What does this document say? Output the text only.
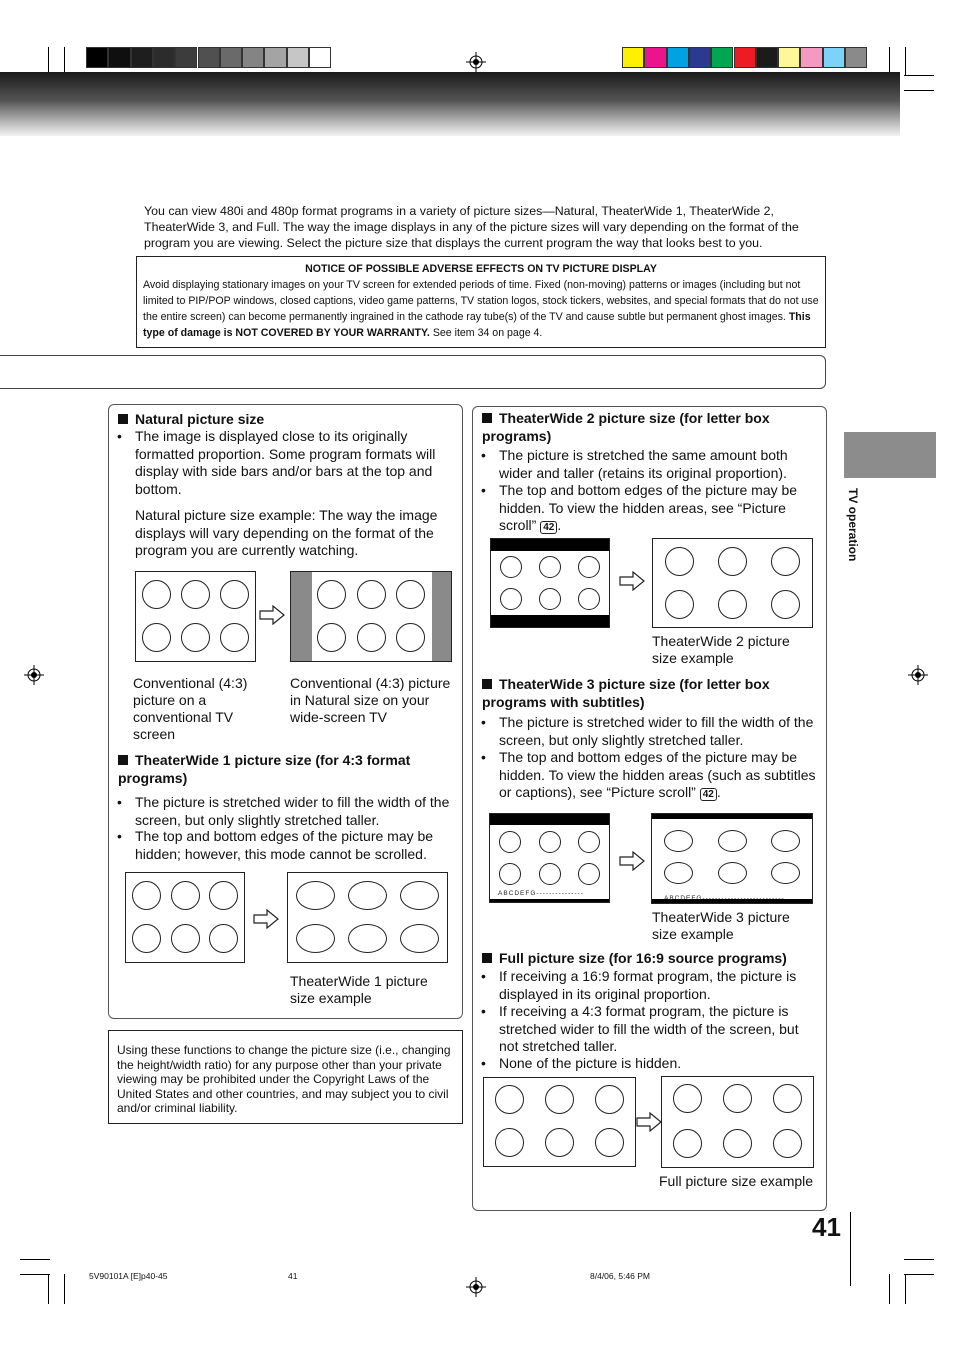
You can view 480i and 480p format programs in a variety of picture sizes—Natural, TheaterWide 1, TheaterWide 2, TheaterWide 3, and Full. The way the image displays in any of the picture sizes will vary depending on the format of the program you are viewing. Select the picture size that displays the current program the way that looks best to you.
NOTICE OF POSSIBLE ADVERSE EFFECTS ON TV PICTURE DISPLAY
Avoid displaying stationary images on your TV screen for extended periods of time. Fixed (non-moving) patterns or images (including but not limited to PIP/POP windows, closed captions, video game patterns, TV station logos, stock tickers, websites, and special formats that do not use the entire screen) can become permanently ingrained in the cathode ray tube(s) of the TV and cause subtle but permanent ghost images. This type of damage is NOT COVERED BY YOUR WARRANTY. See item 34 on page 4.
TV operation
Natural picture size
• The image is displayed close to its originally formatted proportion. Some program formats will display with side bars and/or bars at the top and bottom.
Natural picture size example: The way the image displays will vary depending on the format of the program you are currently watching.
Conventional (4:3) picture on a conventional TV screen
Conventional (4:3) picture in Natural size on your wide-screen TV
TheaterWide 1 picture size (for 4:3 format programs)
• The picture is stretched wider to fill the width of the screen, but only slightly stretched taller.
• The top and bottom edges of the picture may be hidden; however, this mode cannot be scrolled.
TheaterWide 1 picture size example
Using these functions to change the picture size (i.e., changing the height/width ratio) for any purpose other than your private viewing may be prohibited under the Copyright Laws of the United States and other countries, and may subject you to civil and/or criminal liability.
TheaterWide 2 picture size (for letter box programs)
• The picture is stretched the same amount both wider and taller (retains its original proportion).
• The top and bottom edges of the picture may be hidden. To view the hidden areas, see “Picture scroll” 42 .
TheaterWide 2 picture size example
TheaterWide 3 picture size (for letter box programs with subtitles)
• The picture is stretched wider to fill the width of the screen, but only slightly stretched taller.
• The top and bottom edges of the picture may be hidden. To view the hidden areas (such as subtitles or captions), see “Picture scroll” 42 .
ABCDEFG---------------
ABCDEFG--------------------------
TheaterWide 3 picture size example
Full picture size (for 16:9 source programs)
• If receiving a 16:9 format program, the picture is displayed in its original proportion.
• If receiving a 4:3 format program, the picture is stretched wider to fill the width of the screen, but not stretched taller.
• None of the picture is hidden.
Full picture size example
41
5V90101A [E]p40-45	41	8/4/06, 5:46 PM
